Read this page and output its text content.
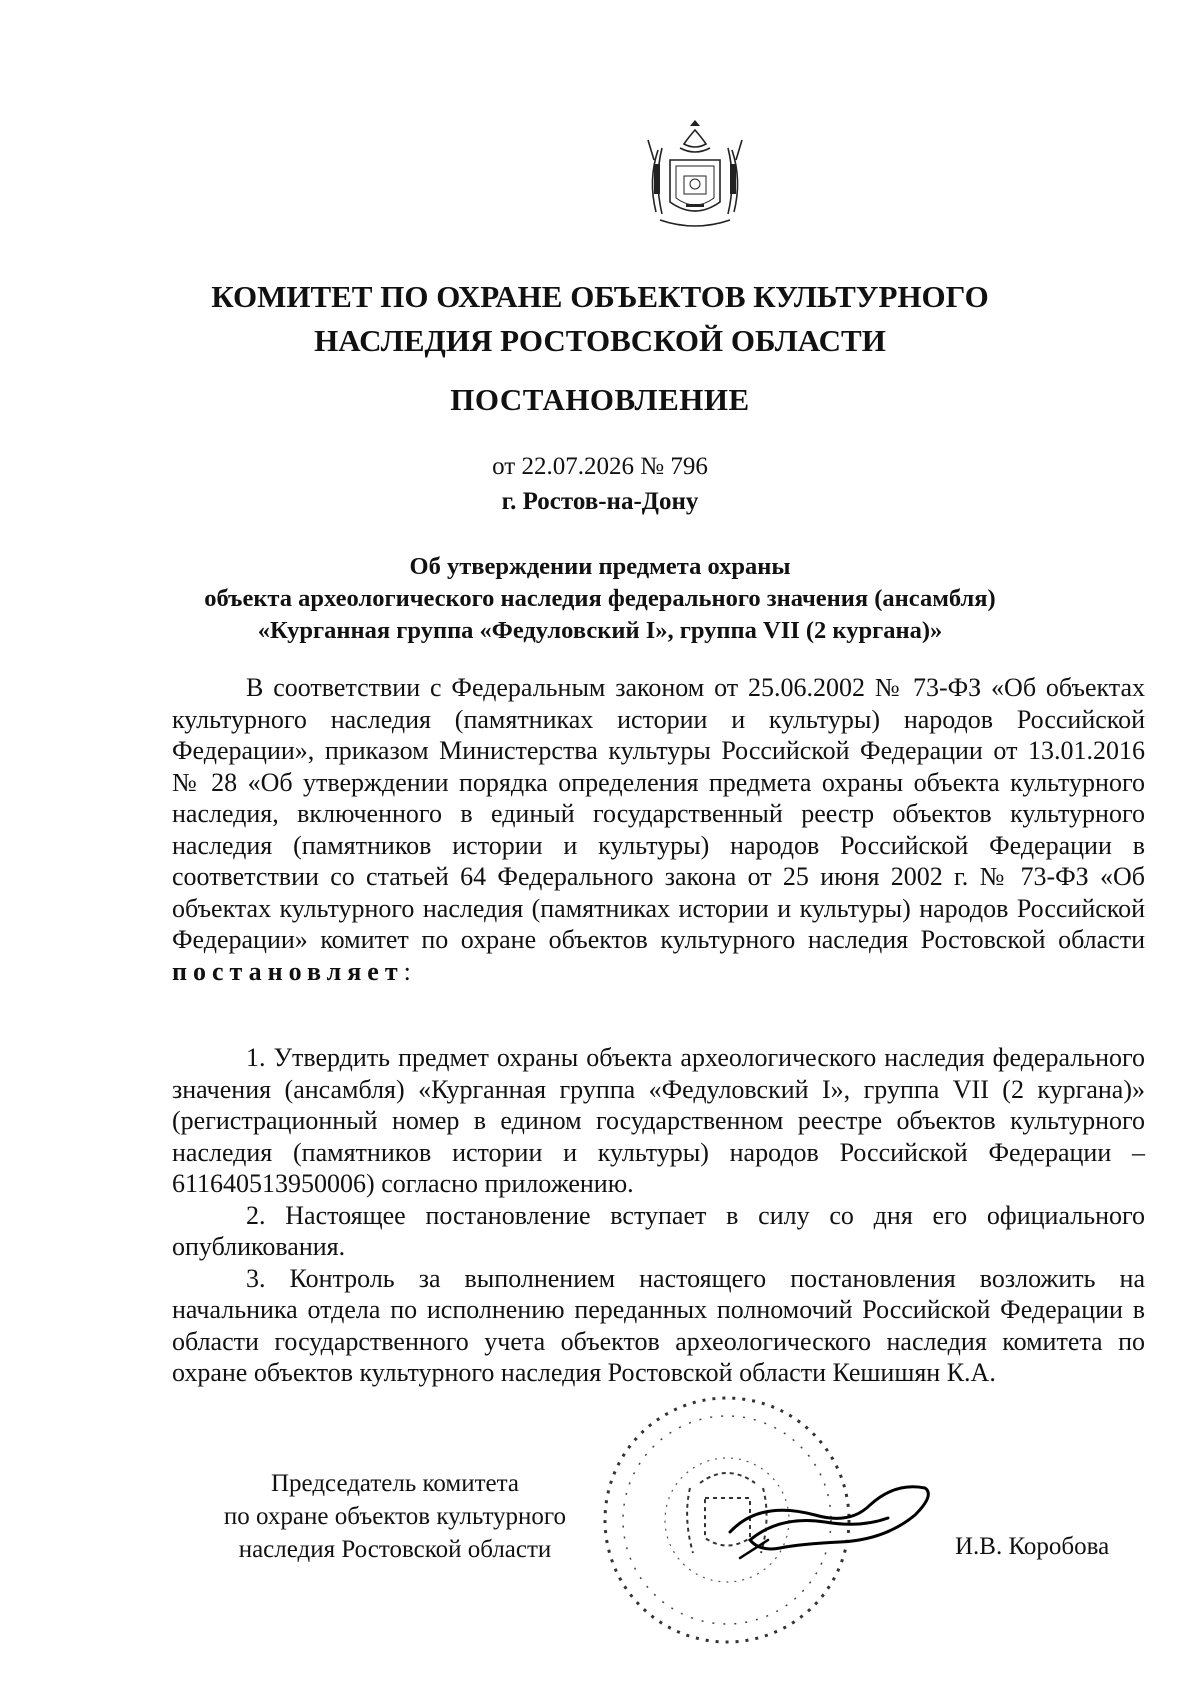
КОМИТЕТ ПО ОХРАНЕ ОБЪЕКТОВ КУЛЬТУРНОГО
НАСЛЕДИЯ РОСТОВСКОЙ ОБЛАСТИ
ПОСТАНОВЛЕНИЕ
от 22.07.2026 № 796
г. Ростов-на-Дону
Об утверждении предмета охраны
объекта археологического наследия федерального значения (ансамбля)
«Курганная группа «Федуловский I», группа VII (2 кургана)»

В соответствии с Федеральным законом от 25.06.2002 № 73-ФЗ «Об объектах культурного наследия (памятниках истории и культуры) народов Российской Федерации», приказом Министерства культуры Российской Федерации от 13.01.2016 № 28 «Об утверждении порядка определения предмета охраны объекта культурного наследия, включенного в единый государственный реестр объектов культурного наследия (памятников истории и культуры) народов Российской Федерации в соответствии со статьей 64 Федерального закона от 25 июня 2002 г. № 73-ФЗ «Об объектах культурного наследия (памятниках истории и культуры) народов Российской Федерации» комитет по охране объектов культурного наследия Ростовской области постановляет:

1. Утвердить предмет охраны объекта археологического наследия федерального значения (ансамбля) «Курганная группа «Федуловский I», группа VII (2 кургана)» (регистрационный номер в едином государственном реестре объектов культурного наследия (памятников истории и культуры) народов Российской Федерации – 611640513950006) согласно приложению.

2. Настоящее постановление вступает в силу со дня его официального опубликования.

3. Контроль за выполнением настоящего постановления возложить на начальника отдела по исполнению переданных полномочий Российской Федерации в области государственного учета объектов археологического наследия комитета по охране объектов культурного наследия Ростовской области Кешишян К.А.

Председатель комитета
по охране объектов культурного
наследия Ростовской области	И.В. Коробова
